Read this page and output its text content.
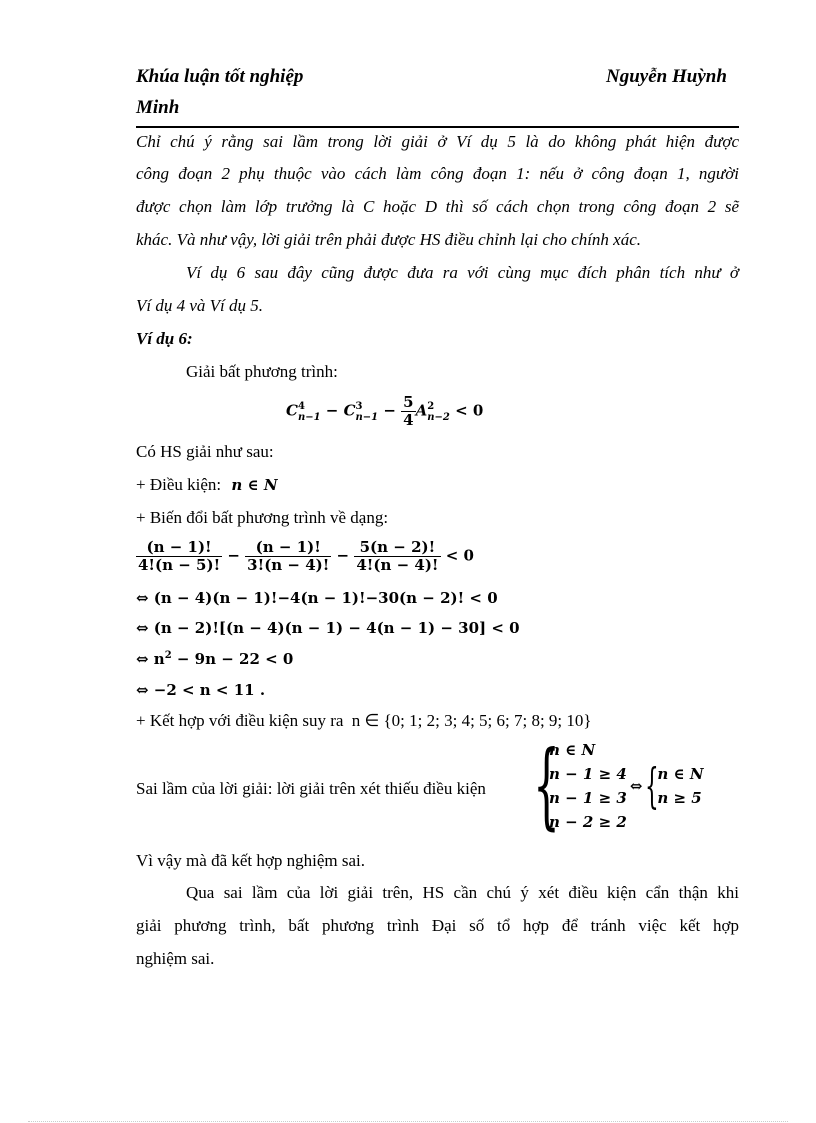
Khúa luận tốt nghiệp	Nguyễn Huỳnh
Minh
Chỉ chú ý rằng sai lầm trong lời giải ở Ví dụ 5 là do không phát hiện được
công đoạn 2 phụ thuộc vào cách làm công đoạn 1: nếu ở công đoạn 1, người
được chọn làm lớp trưởng là C hoặc D thì số cách chọn trong công đoạn 2 sẽ
khác. Và như vậy, lời giải trên phải được HS điều chỉnh lại cho chính xác.
Ví dụ 6 sau đây cũng được đưa ra với cùng mục đích phân tích như ở
Ví dụ 4 và Ví dụ 5.
Ví dụ 6:
Giải bất phương trình:
C 4
n−1 − C 3
$n-1 - \frac{5}{4}$ A 2
n−2 < 0
Có HS giải như sau:
+ Điều kiện: n ∈ N
+ Biến đổi bất phương trình về dạng:
$\frac{(n - 1)!}{4!(n - 5)!} - \frac{(n - 1)!}{3!(n - 4)!} - \frac{5(n - 2)!}{4!(n - 4)!} < 0$
⇔ (n − 4)(n − 1)!−4(n − 1)!−30(n − 2)! < 0
⇔ (n − 2)![(n − 4)(n − 1) − 4(n − 1) − 30] < 0
⇔ $n^2 - 9n - 22 < 0$
⇔ −2 < n < 11 .
+ Kết hợp với điều kiện suy ra n ∈ {0; 1; 2; 3; 4; 5; 6; 7; 8; 9; 10}
Sai lầm của lời giải: lời giải trên xét thiếu điều kiện {
n ∈ N
n − 1 ≥ 4
n − 1 ≥ 3
n − 2 ≥ 2
⇔{
n ∈ N
n ≥ 5
Vì vậy mà đã kết hợp nghiệm sai.
Qua sai lầm của lời giải trên, HS cần chú ý xét điều kiện cẩn thận khi
giải phương trình, bất phương trình Đại số tổ hợp để tránh việc kết hợp
nghiệm sai.
